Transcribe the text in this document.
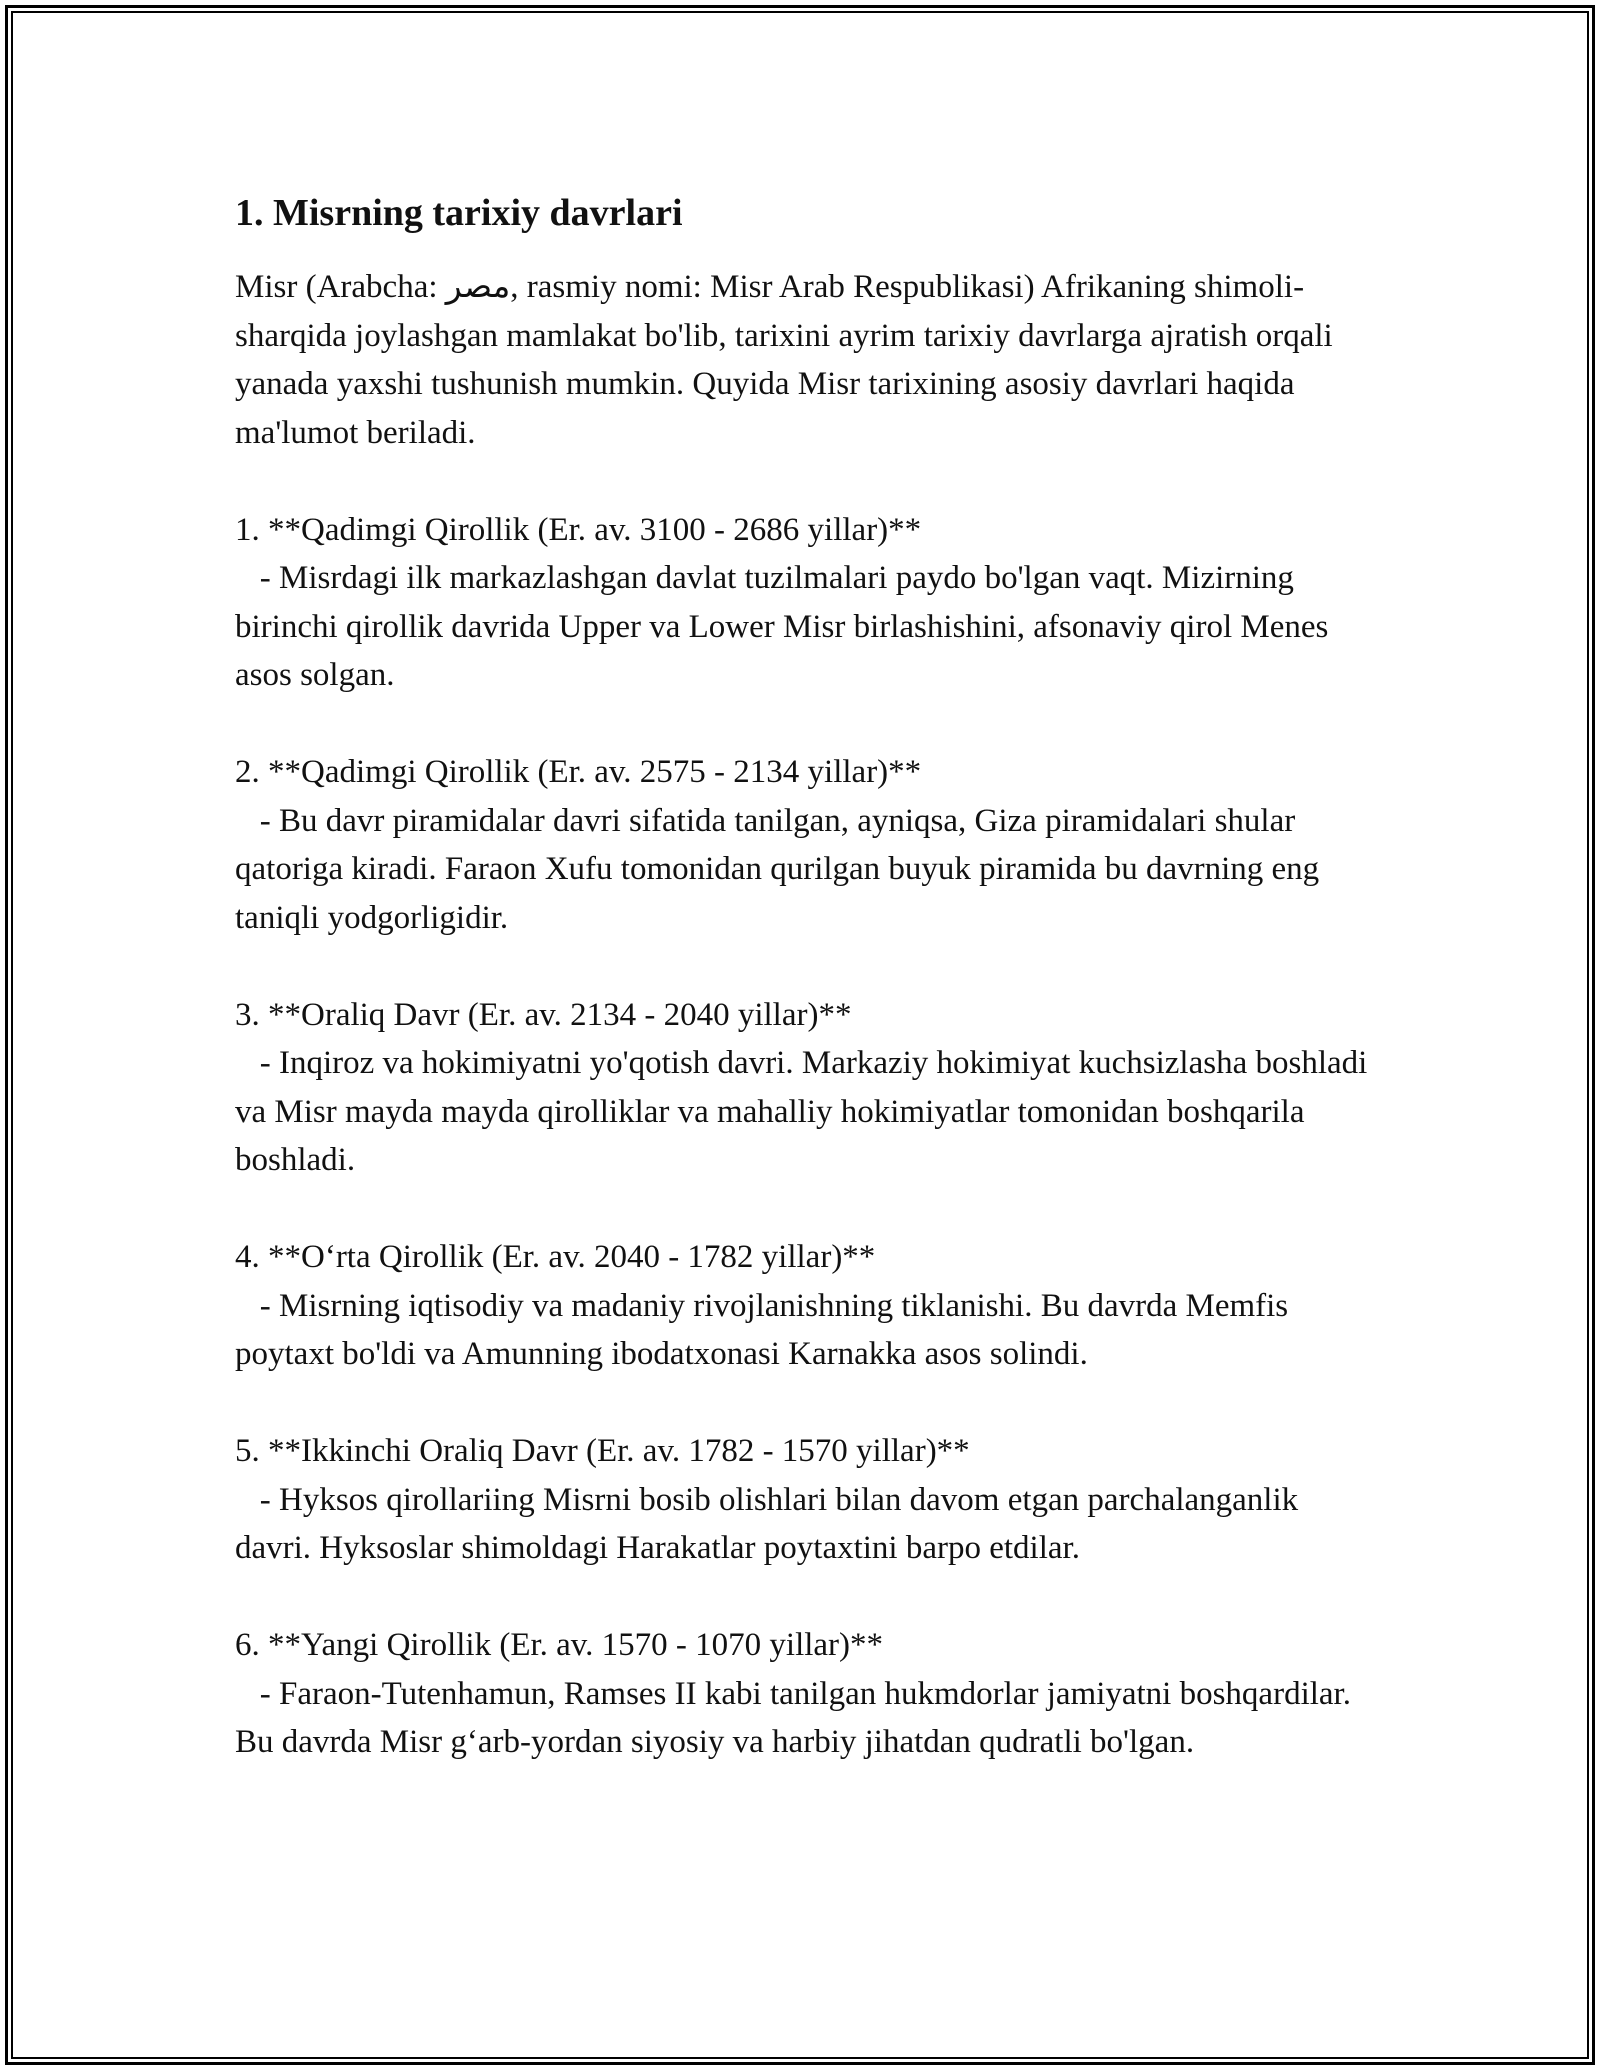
1. Misrning tarixiy davrlari

Misr (Arabcha: مصر, rasmiy nomi: Misr Arab Respublikasi) Afrikaning shimoli-sharqida joylashgan mamlakat bo'lib, tarixini ayrim tarixiy davrlarga ajratish orqali yanada yaxshi tushunish mumkin. Quyida Misr tarixining asosiy davrlari haqida ma'lumot beriladi.

1. **Qadimgi Qirollik (Er. av. 3100 - 2686 yillar)**

- Misrdagi ilk markazlashgan davlat tuzilmalari paydo bo'lgan vaqt. Mizirning birinchi qirollik davrida Upper va Lower Misr birlashishini, afsonaviy qirol Menes asos solgan.

2. **Qadimgi Qirollik (Er. av. 2575 - 2134 yillar)**

- Bu davr piramidalar davri sifatida tanilgan, ayniqsa, Giza piramidalari shular qatoriga kiradi. Faraon Xufu tomonidan qurilgan buyuk piramida bu davrning eng taniqli yodgorligidir.

3. **Oraliq Davr (Er. av. 2134 - 2040 yillar)**

- Inqiroz va hokimiyatni yo'qotish davri. Markaziy hokimiyat kuchsizlasha boshladi va Misr mayda mayda qirolliklar va mahalliy hokimiyatlar tomonidan boshqarila boshladi.

4. **O‘rta Qirollik (Er. av. 2040 - 1782 yillar)**

- Misrning iqtisodiy va madaniy rivojlanishning tiklanishi. Bu davrda Memfis poytaxt bo'ldi va Amunning ibodatxonasi Karnakka asos solindi.

5. **Ikkinchi Oraliq Davr (Er. av. 1782 - 1570 yillar)**

- Hyksos qirollariing Misrni bosib olishlari bilan davom etgan parchalanganlik davri. Hyksoslar shimoldagi Harakatlar poytaxtini barpo etdilar.

6. **Yangi Qirollik (Er. av. 1570 - 1070 yillar)**

- Faraon-Tutenhamun, Ramses II kabi tanilgan hukmdorlar jamiyatni boshqardilar. Bu davrda Misr g‘arb-yordan siyosiy va harbiy jihatdan qudratli bo'lgan.
